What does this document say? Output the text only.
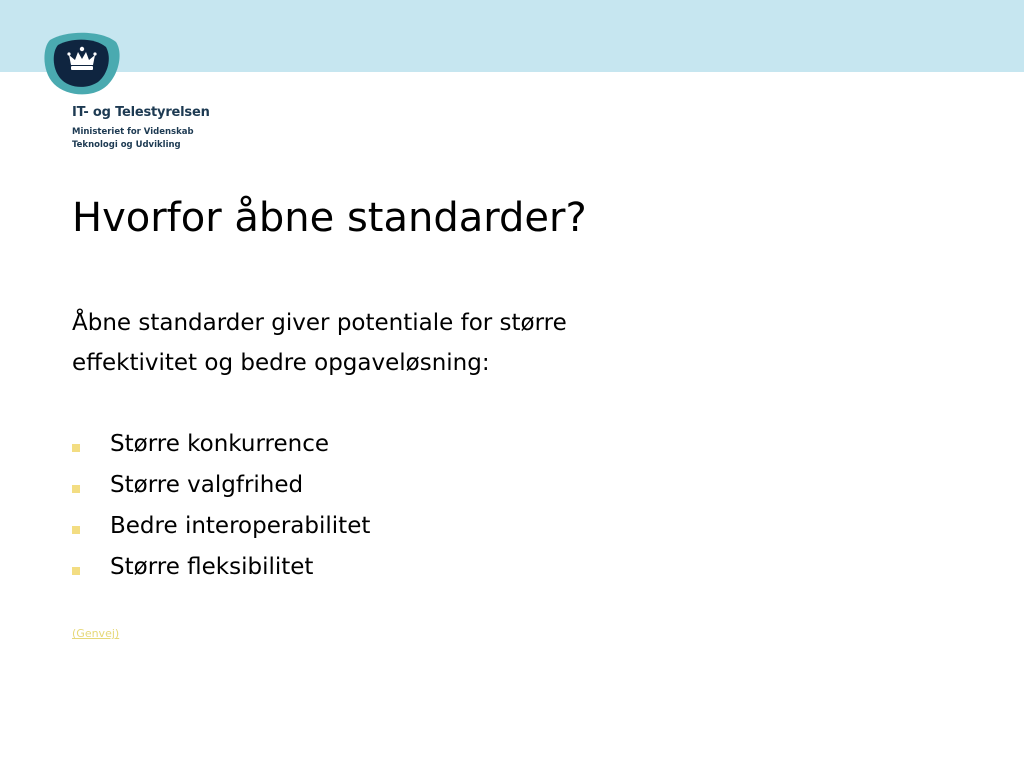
IT- og Telestyrelsen
Ministeriet for Videnskab
Teknologi og Udvikling
Hvorfor åbne standarder?
Åbne standarder giver potentiale for større
effektivitet og bedre opgaveløsning:
Større konkurrence
Større valgfrihed
Bedre interoperabilitet
Større fleksibilitet
(Genvej)
